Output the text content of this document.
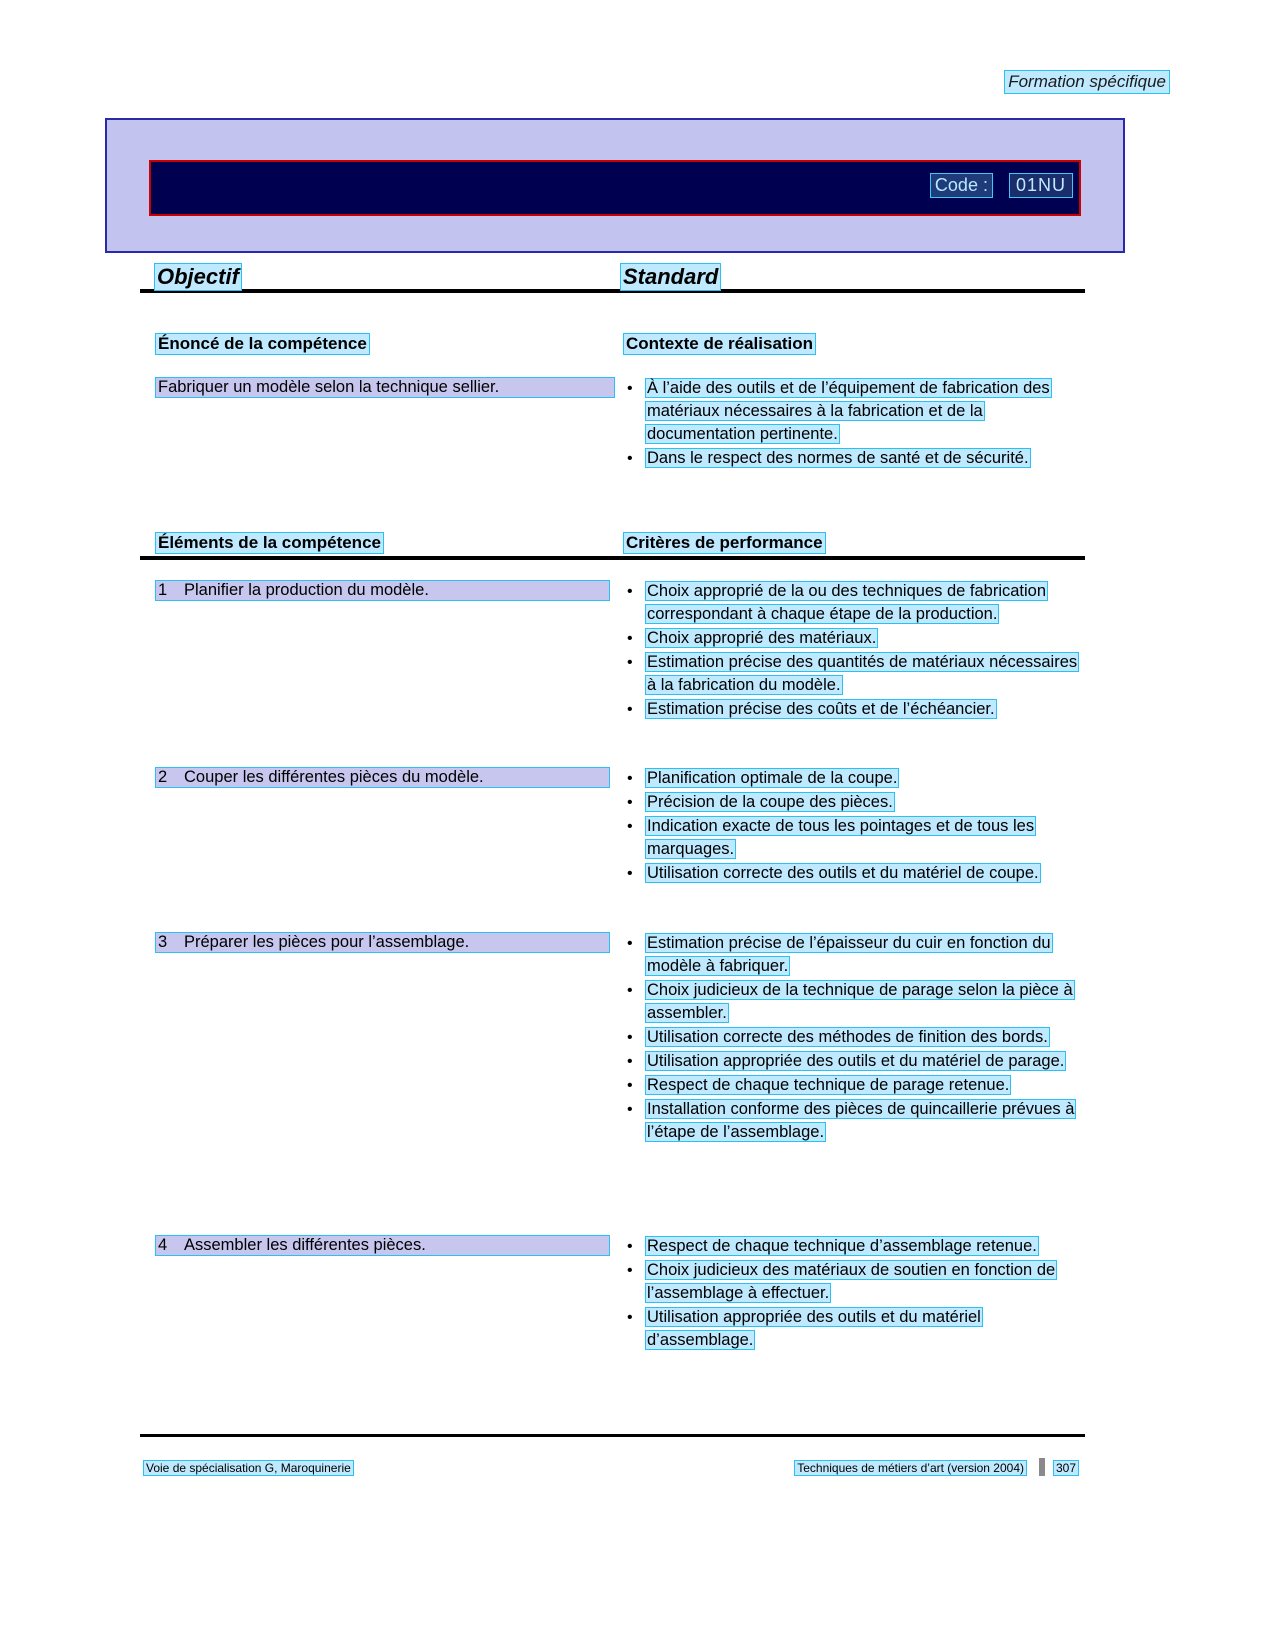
Formation spécifique
Code :	01NU
Objectif	Standard
Énoncé de la compétence	Contexte de réalisation
Fabriquer un modèle selon la technique sellier.	• À l’aide des outils et de l’équipement de fabrication des matériaux nécessaires à la fabrication et de la documentation pertinente.
• Dans le respect des normes de santé et de sécurité.
Éléments de la compétence	Critères de performance
1 Planifier la production du modèle.	• Choix approprié de la ou des techniques de fabrication correspondant à chaque étape de la production.
• Choix approprié des matériaux.
• Estimation précise des quantités de matériaux nécessaires à la fabrication du modèle.
• Estimation précise des coûts et de l’échéancier.
2 Couper les différentes pièces du modèle.	• Planification optimale de la coupe.
• Précision de la coupe des pièces.
• Indication exacte de tous les pointages et de tous les marquages.
• Utilisation correcte des outils et du matériel de coupe.
3 Préparer les pièces pour l’assemblage.	• Estimation précise de l’épaisseur du cuir en fonction du modèle à fabriquer.
• Choix judicieux de la technique de parage selon la pièce à assembler.
• Utilisation correcte des méthodes de finition des bords.
• Utilisation appropriée des outils et du matériel de parage.
• Respect de chaque technique de parage retenue.
• Installation conforme des pièces de quincaillerie prévues à l’étape de l’assemblage.
4 Assembler les différentes pièces.	• Respect de chaque technique d’assemblage retenue.
• Choix judicieux des matériaux de soutien en fonction de l’assemblage à effectuer.
• Utilisation appropriée des outils et du matériel d’assemblage.
Voie de spécialisation G, Maroquinerie	Techniques de métiers d’art (version 2004)	307
